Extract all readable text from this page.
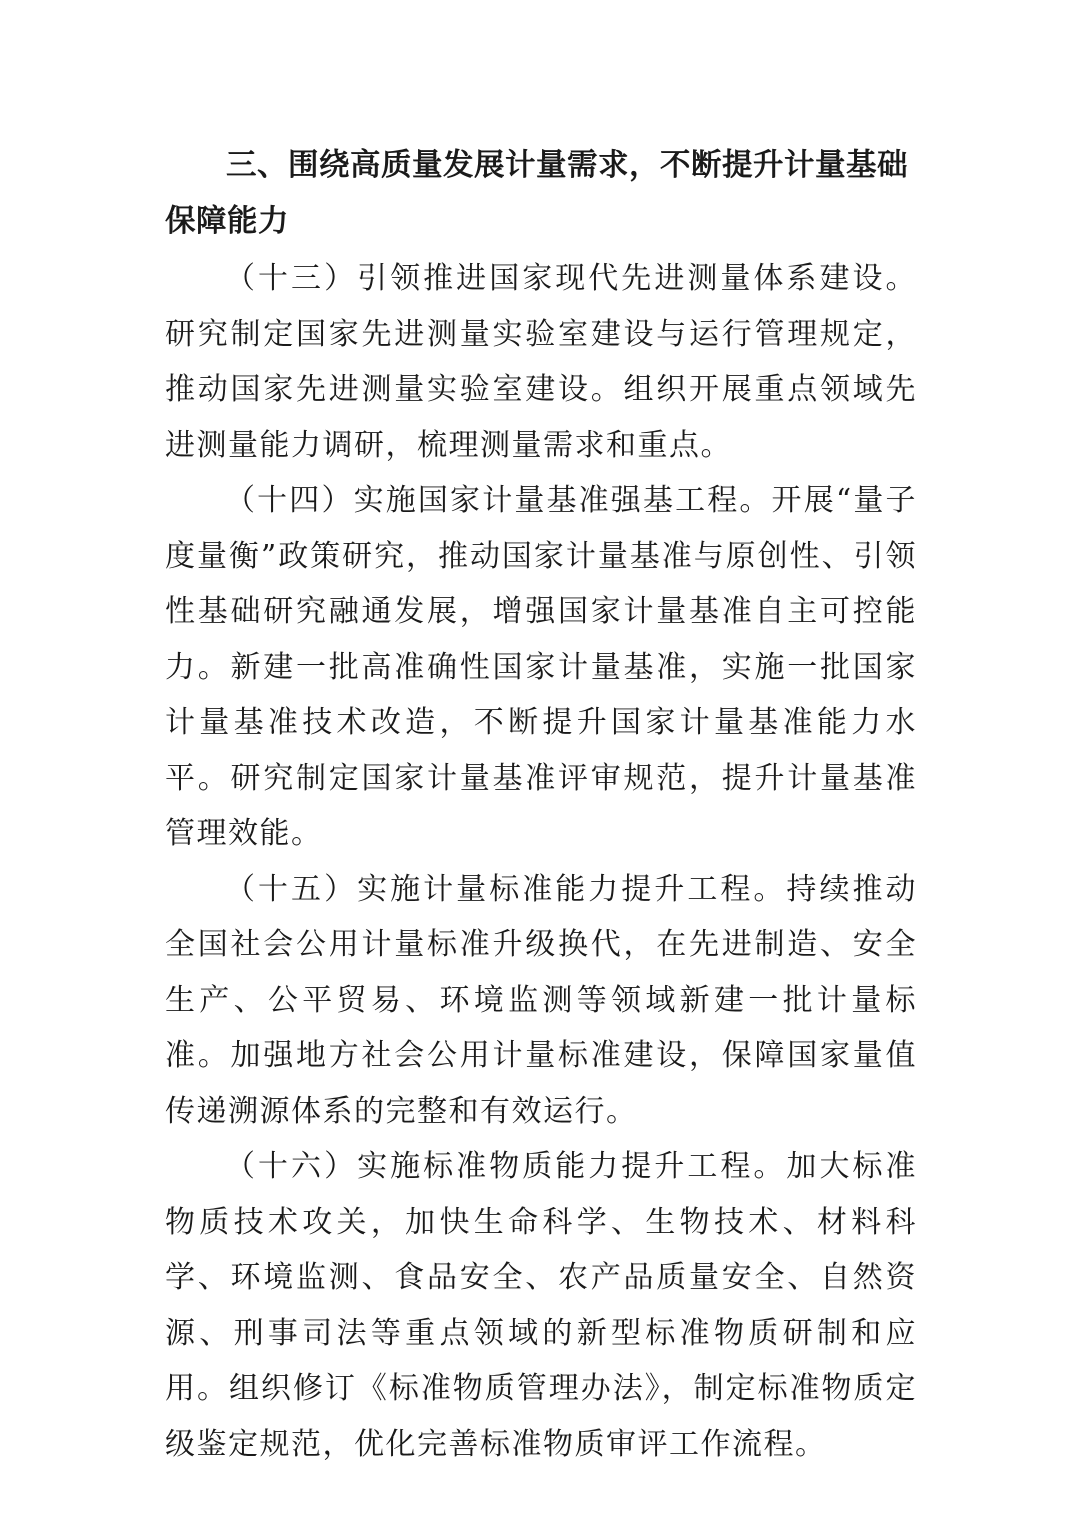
三、围绕高质量发展计量需求，不断提升计量基础保障能力

（十三）引领推进国家现代先进测量体系建设。研究制定国家先进测量实验室建设与运行管理规定，推动国家先进测量实验室建设。组织开展重点领域先进测量能力调研，梳理测量需求和重点。

（十四）实施国家计量基准强基工程。开展“量子度量衡”政策研究，推动国家计量基准与原创性、引领性基础研究融通发展，增强国家计量基准自主可控能力。新建一批高准确性国家计量基准，实施一批国家计量基准技术改造，不断提升国家计量基准能力水平。研究制定国家计量基准评审规范，提升计量基准管理效能。

（十五）实施计量标准能力提升工程。持续推动全国社会公用计量标准升级换代，在先进制造、安全生产、公平贸易、环境监测等领域新建一批计量标准。加强地方社会公用计量标准建设，保障国家量值传递溯源体系的完整和有效运行。

（十六）实施标准物质能力提升工程。加大标准物质技术攻关，加快生命科学、生物技术、材料科学、环境监测、食品安全、农产品质量安全、自然资源、刑事司法等重点领域的新型标准物质研制和应用。组织修订《标准物质管理办法》，制定标准物质定级鉴定规范，优化完善标准物质审评工作流程。
